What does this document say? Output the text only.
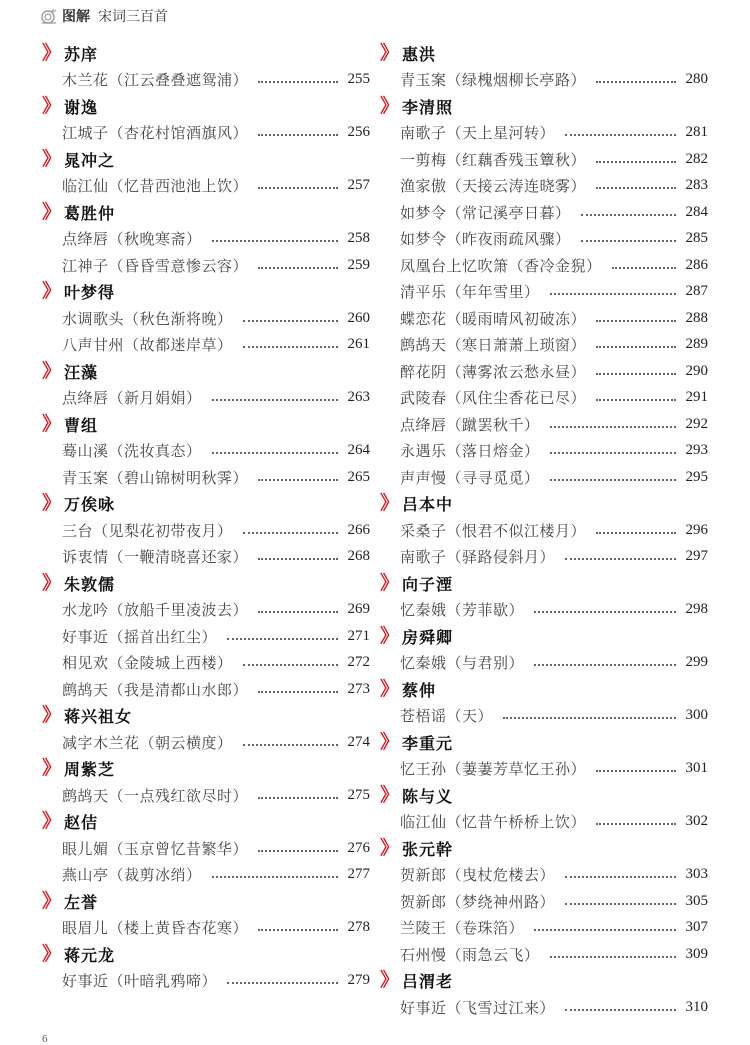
图解 宋词三百首
》 苏庠
木兰花（江云叠叠遮鸳浦）	255
》 谢逸
江城子（杏花村馆酒旗风）	256
》 晁冲之
临江仙（忆昔西池池上饮）	257
》 葛胜仲
点绛唇（秋晚寒斋）	258
江神子（昏昏雪意惨云容）	259
》 叶梦得
水调歌头（秋色渐将晚）	260
八声甘州（故都迷岸草）	261
》 汪藻
点绛唇（新月娟娟）	263
》 曹组
蓦山溪（洗妆真态）	264
青玉案（碧山锦树明秋霁）	265
》 万俟咏
三台（见梨花初带夜月）	266
诉衷情（一鞭清晓喜还家）	268
》 朱敦儒
水龙吟（放船千里凌波去）	269
好事近（摇首出红尘）	271
相见欢（金陵城上西楼）	272
鹧鸪天（我是清都山水郎）	273
》 蒋兴祖女
减字木兰花（朝云横度）	274
》 周紫芝
鹧鸪天（一点残红欲尽时）	275
》 赵佶
眼儿媚（玉京曾忆昔繁华）	276
燕山亭（裁剪冰绡）	277
》 左誉
眼眉儿（楼上黄昏杏花寒）	278
》 蒋元龙
好事近（叶暗乳鸦啼）	279
》 惠洪
青玉案（绿槐烟柳长亭路）	280
》 李清照
南歌子（天上星河转）	281
一剪梅（红藕香残玉簟秋）	282
渔家傲（天接云涛连晓雾）	283
如梦令（常记溪亭日暮）	284
如梦令（昨夜雨疏风骤）	285
凤凰台上忆吹箫（香冷金猊）	286
清平乐（年年雪里）	287
蝶恋花（暖雨晴风初破冻）	288
鹧鸪天（寒日萧萧上琐窗）	289
醉花阴（薄雾浓云愁永昼）	290
武陵春（风住尘香花已尽）	291
点绛唇（蹴罢秋千）	292
永遇乐（落日熔金）	293
声声慢（寻寻觅觅）	295
》 吕本中
采桑子（恨君不似江楼月）	296
南歌子（驿路侵斜月）	297
》 向子湮
忆秦娥（芳菲歇）	298
》 房舜卿
忆秦娥（与君别）	299
》 蔡伸
苍梧谣（天）	300
》 李重元
忆王孙（萋萋芳草忆王孙）	301
》 陈与义
临江仙（忆昔午桥桥上饮）	302
》 张元幹
贺新郎（曳杖危楼去）	303
贺新郎（梦绕神州路）	305
兰陵王（卷珠箔）	307
石州慢（雨急云飞）	309
》 吕渭老
好事近（飞雪过江来）	310
6
